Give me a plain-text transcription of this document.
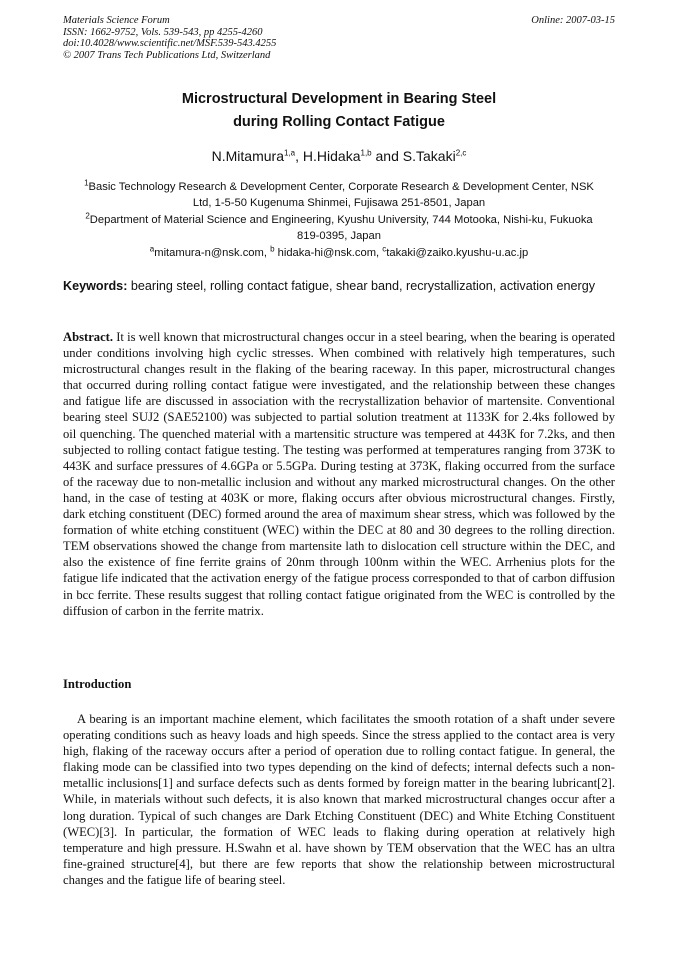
Materials Science Forum
ISSN: 1662-9752, Vols. 539-543, pp 4255-4260
doi:10.4028/www.scientific.net/MSF.539-543.4255
© 2007 Trans Tech Publications Ltd, Switzerland
Online: 2007-03-15
Microstructural Development in Bearing Steel
during Rolling Contact Fatigue
N.Mitamura$^{1,a}$, H.Hidaka$^{1,b}$ and S.Takaki$^{2,c}$
$^1$Basic Technology Research & Development Center, Corporate Research & Development Center, NSK
Ltd, 1-5-50 Kugenuma Shinmei, Fujisawa 251-8501, Japan
$^2$Department of Material Science and Engineering, Kyushu University, 744 Motooka, Nishi-ku, Fukuoka
819-0395, Japan
$^a$mitamura-n@nsk.com, $^b$ hidaka-hi@nsk.com, $^c$takaki@zaiko.kyushu-u.ac.jp
Keywords: bearing steel, rolling contact fatigue, shear band, recrystallization, activation energy
Abstract. It is well known that microstructural changes occur in a steel bearing, when the bearing is operated under conditions involving high cyclic stresses. When combined with relatively high temperatures, such microstructural changes result in the flaking of the bearing raceway. In this paper, microstructural changes that occurred during rolling contact fatigue were investigated, and the relationship between these changes and fatigue life are discussed in association with the recrystallization behavior of martensite. Conventional bearing steel SUJ2 (SAE52100) was subjected to partial solution treatment at 1133K for 2.4ks followed by oil quenching. The quenched material with a martensitic structure was tempered at 443K for 7.2ks, and then subjected to rolling contact fatigue testing. The testing was performed at temperatures ranging from 373K to 443K and surface pressures of 4.6GPa or 5.5GPa. During testing at 373K, flaking occurred from the surface of the raceway due to non-metallic inclusion and without any marked microstructural changes. On the other hand, in the case of testing at 403K or more, flaking occurs after obvious microstructural changes. Firstly, dark etching constituent (DEC) formed around the area of maximum shear stress, which was followed by the formation of white etching constituent (WEC) within the DEC at 80 and 30 degrees to the rolling direction. TEM observations showed the change from martensite lath to dislocation cell structure within the DEC, and also the existence of fine ferrite grains of 20nm through 100nm within the WEC. Arrhenius plots for the fatigue life indicated that the activation energy of the fatigue process corresponded to that of carbon diffusion in bcc ferrite. These results suggest that rolling contact fatigue originated from the WEC is controlled by the diffusion of carbon in the ferrite matrix.
Introduction
A bearing is an important machine element, which facilitates the smooth rotation of a shaft under severe operating conditions such as heavy loads and high speeds. Since the stress applied to the contact area is very high, flaking of the raceway occurs after a period of operation due to rolling contact fatigue. In general, the flaking mode can be classified into two types depending on the kind of defects; internal defects such a non-metallic inclusions[1] and surface defects such as dents formed by foreign matter in the bearing lubricant[2]. While, in materials without such defects, it is also known that marked microstructural changes occur after a long duration. Typical of such changes are Dark Etching Constituent (DEC) and White Etching Constituent (WEC)[3]. In particular, the formation of WEC leads to flaking during operation at relatively high temperature and high pressure. H.Swahn et al. have shown by TEM observation that the WEC has an ultra fine-grained structure[4], but there are few reports that show the relationship between microstructural changes and the fatigue life of bearing steel.
